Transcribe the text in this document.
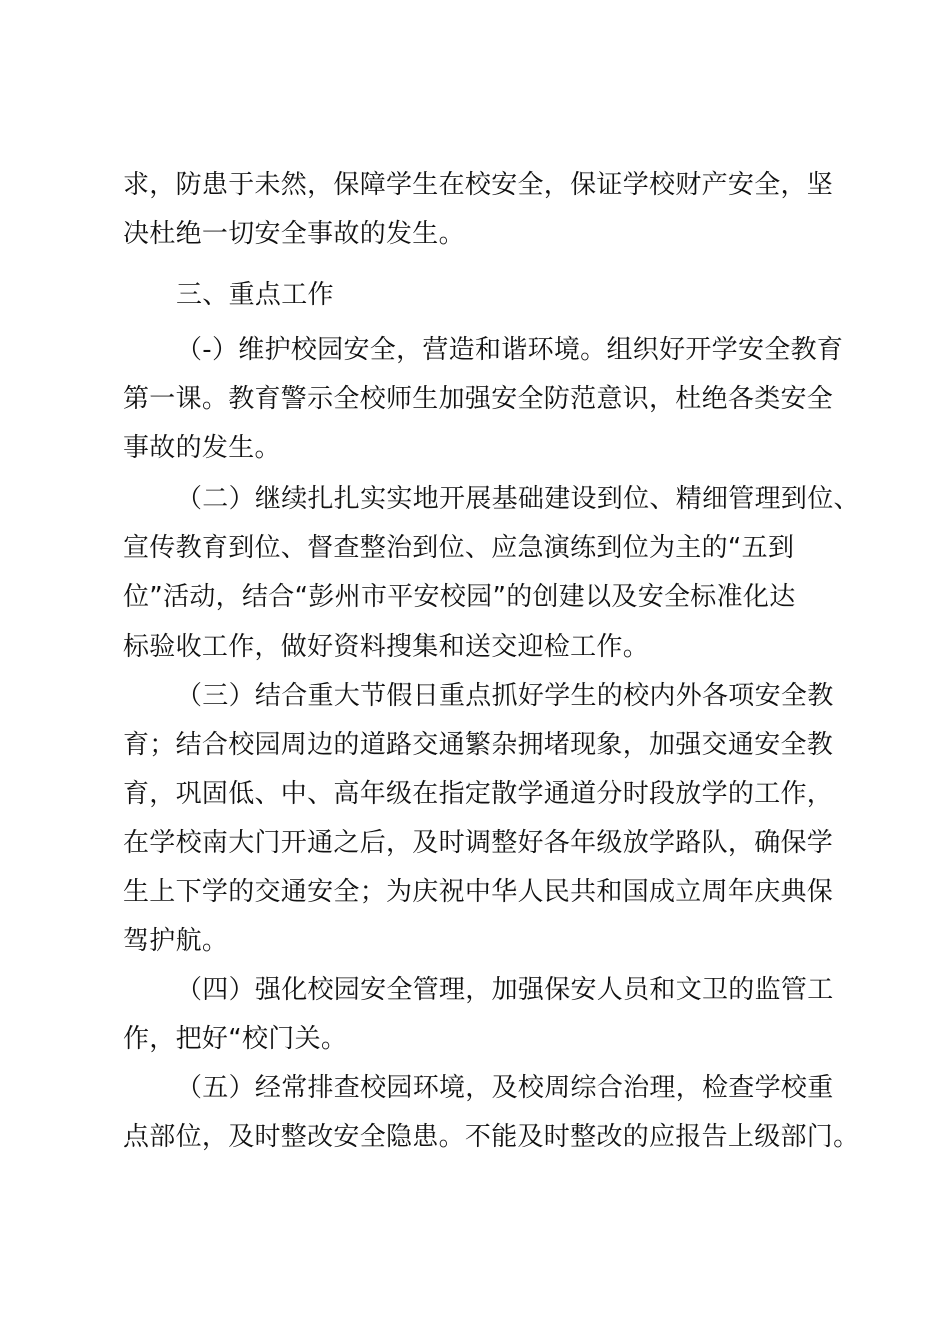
求，防患于未然，保障学生在校安全，保证学校财产安全，坚
决杜绝一切安全事故的发生。
三、重点工作
（-）维护校园安全，营造和谐环境。组织好开学安全教育
第一课。教育警示全校师生加强安全防范意识，杜绝各类安全
事故的发生。
（二）继续扎扎实实地开展基础建设到位、精细管理到位、
宣传教育到位、督查整治到位、应急演练到位为主的“五到
位”活动，结合“彭州市平安校园”的创建以及安全标准化达
标验收工作，做好资料搜集和送交迎检工作。
（三）结合重大节假日重点抓好学生的校内外各项安全教
育；结合校园周边的道路交通繁杂拥堵现象，加强交通安全教
育，巩固低、中、高年级在指定散学通道分时段放学的工作，
在学校南大门开通之后，及时调整好各年级放学路队，确保学
生上下学的交通安全；为庆祝中华人民共和国成立周年庆典保
驾护航。
（四）强化校园安全管理，加强保安人员和文卫的监管工
作，把好“校门关。
（五）经常排查校园环境，及校周综合治理，检查学校重
点部位，及时整改安全隐患。不能及时整改的应报告上级部门。
